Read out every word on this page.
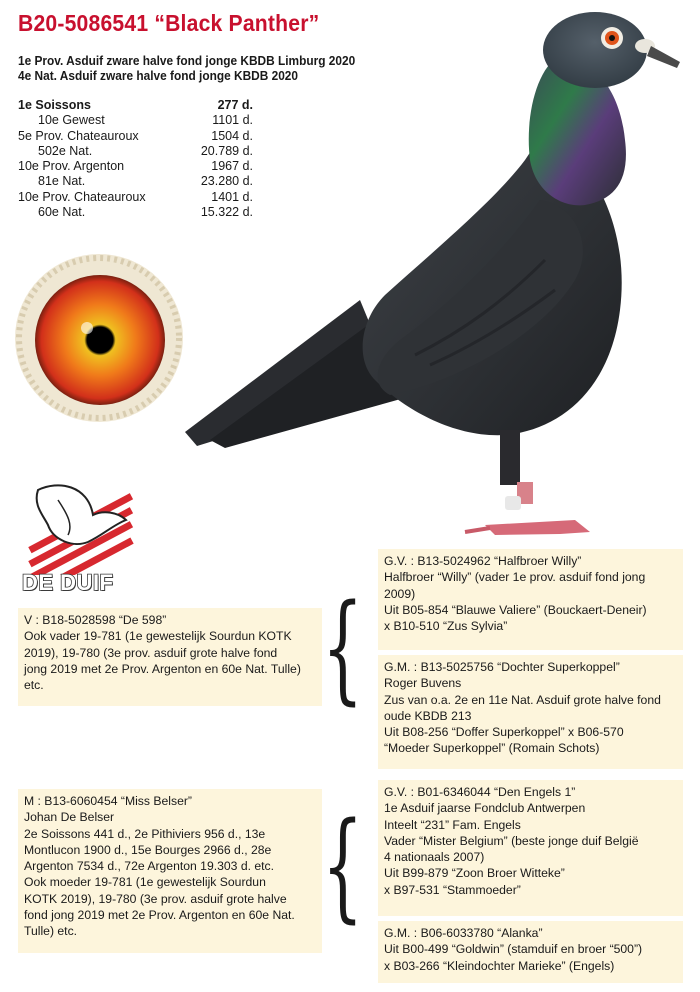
B20-5086541 “Black Panther”
1e Prov. Asduif zware halve fond jonge KBDB Limburg 2020
4e Nat. Asduif zware halve fond jonge KBDB 2020
1e Soissons	277 d.
10e Gewest	1101 d.
5e Prov. Chateauroux	1504 d.
502e Nat.	20.789 d.
10e Prov. Argenton	1967 d.
81e Nat.	23.280 d.
10e Prov. Chateauroux	1401 d.
60e Nat.	15.322 d.
DE DUIF
V : B18-5028598 “De 598”
Ook vader 19-781 (1e gewestelijk Sourdun KOTK
2019), 19-780 (3e prov. asduif grote halve fond
jong 2019 met 2e Prov. Argenton en 60e Nat. Tulle)
etc.
M : B13-6060454 “Miss Belser”
Johan De Belser
2e Soissons 441 d., 2e Pithiviers 956 d., 13e
Montlucon 1900 d., 15e Bourges 2966 d., 28e
Argenton 7534 d., 72e Argenton 19.303 d. etc.
Ook moeder 19-781 (1e gewestelijk Sourdun
KOTK 2019), 19-780 (3e prov. asduif grote halve
fond jong 2019 met 2e Prov. Argenton en 60e Nat.
Tulle) etc.
G.V. : B13-5024962 “Halfbroer Willy”
Halfbroer “Willy” (vader 1e prov. asduif fond jong
2009)
Uit B05-854 “Blauwe Valiere” (Bouckaert-Deneir)
x B10-510 “Zus Sylvia”
G.M. : B13-5025756 “Dochter Superkoppel”
Roger Buvens
Zus van o.a. 2e en 11e Nat. Asduif grote halve fond
oude KBDB 213
Uit B08-256 “Doffer Superkoppel” x B06-570
“Moeder Superkoppel” (Romain Schots)
G.V. : B01-6346044 “Den Engels 1”
1e Asduif jaarse Fondclub Antwerpen
Inteelt “231” Fam. Engels
Vader “Mister Belgium” (beste jonge duif België
4 nationaals 2007)
Uit B99-879 “Zoon Broer Witteke”
x B97-531 “Stammoeder”
G.M. : B06-6033780 “Alanka”
Uit B00-499 “Goldwin” (stamduif en broer “500”)
x B03-266 “Kleindochter Marieke” (Engels)
{
{
